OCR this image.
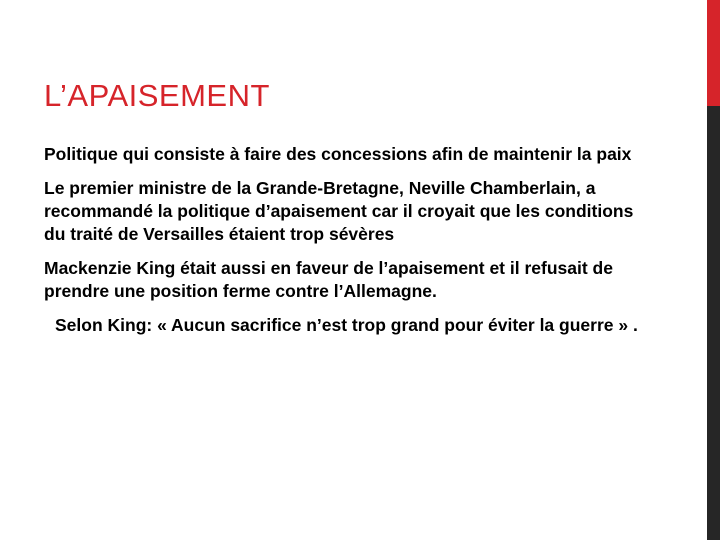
L’APAISEMENT

Politique qui consiste à faire des concessions afin de maintenir la paix

Le premier ministre de la Grande-Bretagne, Neville Chamberlain, a recommandé la politique d’apaisement car il croyait que les conditions du traité de Versailles étaient trop sévères

Mackenzie King était aussi en faveur de l’apaisement et il refusait de prendre une position ferme contre l’Allemagne.

Selon King: « Aucun sacrifice n’est trop grand pour éviter la guerre » .
